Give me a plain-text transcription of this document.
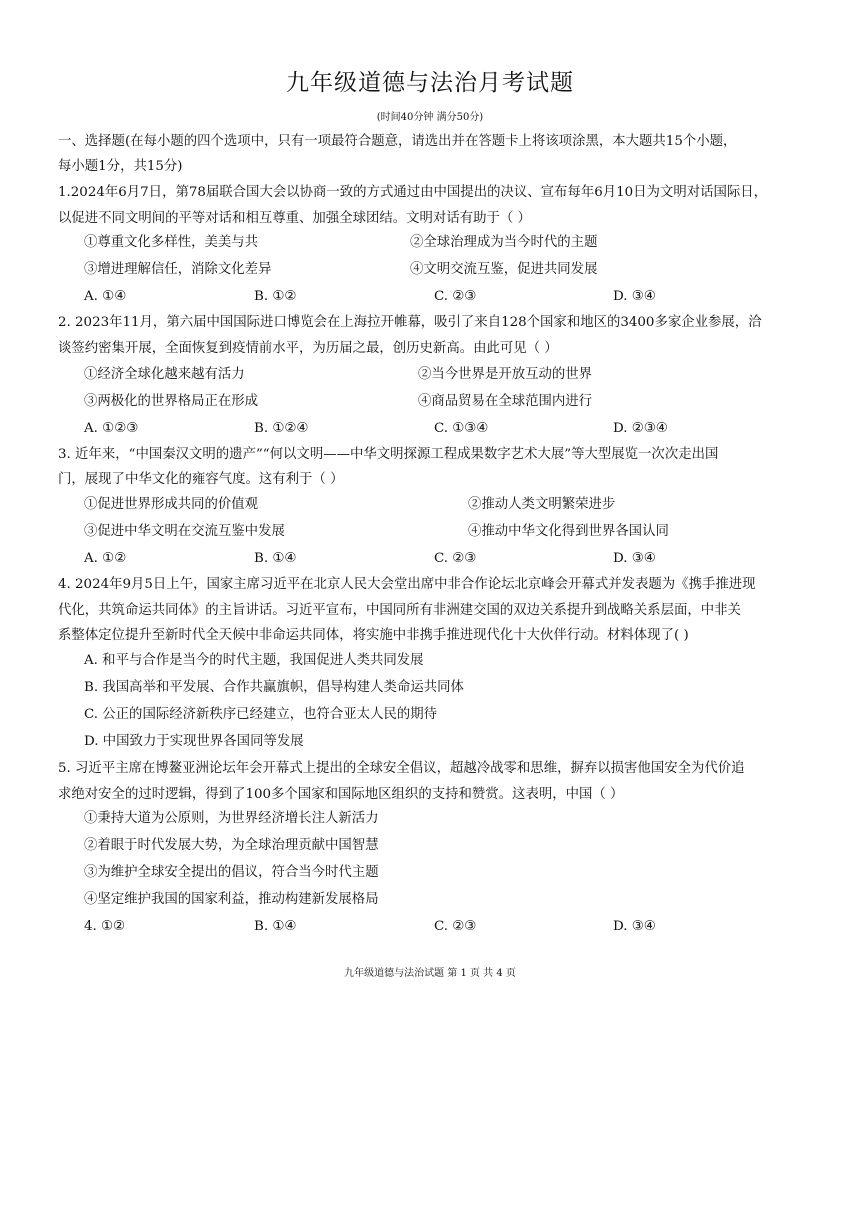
九年级道德与法治月考试题
(时间40分钟 满分50分)
一、选择题(在每小题的四个选项中，只有一项最符合题意，请选出并在答题卡上将该项涂黑，本大题共15个小题，
每小题1分，共15分)
1.2024年6月7日，第78届联合国大会以协商一致的方式通过由中国提出的决议、宣布每年6月10日为文明对话国际日，
以促进不同文明间的平等对话和相互尊重、加强全球团结。文明对话有助于（ ）
①尊重文化多样性，美美与共	②全球治理成为当今时代的主题
③增进理解信任，消除文化差异	④文明交流互鉴，促进共同发展
A. ①④	B. ①②	C. ②③	D. ③④
2. 2023年11月，第六届中国国际进口博览会在上海拉开帷幕，吸引了来自128个国家和地区的3400多家企业参展，洽
谈签约密集开展，全面恢复到疫情前水平，为历届之最，创历史新高。由此可见（ ）
①经济全球化越来越有活力	②当今世界是开放互动的世界
③两极化的世界格局正在形成	④商品贸易在全球范围内进行
A. ①②③	B. ①②④	C. ①③④	D. ②③④
3. 近年来，“中国秦汉文明的遗产”“何以文明——中华文明探源工程成果数字艺术大展”等大型展览一次次走出国
门，展现了中华文化的雍容气度。这有利于（ ）
①促进世界形成共同的价值观	②推动人类文明繁荣进步
③促进中华文明在交流互鉴中发展	④推动中华文化得到世界各国认同
A. ①②	B. ①④	C. ②③	D. ③④
4. 2024年9月5日上午，国家主席习近平在北京人民大会堂出席中非合作论坛北京峰会开幕式并发表题为《携手推进现
代化，共筑命运共同体》的主旨讲话。习近平宣布，中国同所有非洲建交国的双边关系提升到战略关系层面，中非关
系整体定位提升至新时代全天候中非命运共同体，将实施中非携手推进现代化十大伙伴行动。材料体现了( )
A. 和平与合作是当今的时代主题，我国促进人类共同发展
B. 我国高举和平发展、合作共赢旗帜，倡导构建人类命运共同体
C. 公正的国际经济新秩序已经建立，也符合亚太人民的期待
D. 中国致力于实现世界各国同等发展
5. 习近平主席在博鳌亚洲论坛年会开幕式上提出的全球安全倡议，超越冷战零和思维，摒弃以损害他国安全为代价追
求绝对安全的过时逻辑，得到了100多个国家和国际地区组织的支持和赞赏。这表明，中国（ ）
①秉持大道为公原则，为世界经济增长注人新活力
②着眼于时代发展大势，为全球治理贡献中国智慧
③为维护全球安全提出的倡议，符合当今时代主题
④坚定维护我国的国家利益，推动构建新发展格局
4. ①②	B. ①④	C. ②③	D. ③④
九年级道德与法治试题 第 1 页 共 4 页
